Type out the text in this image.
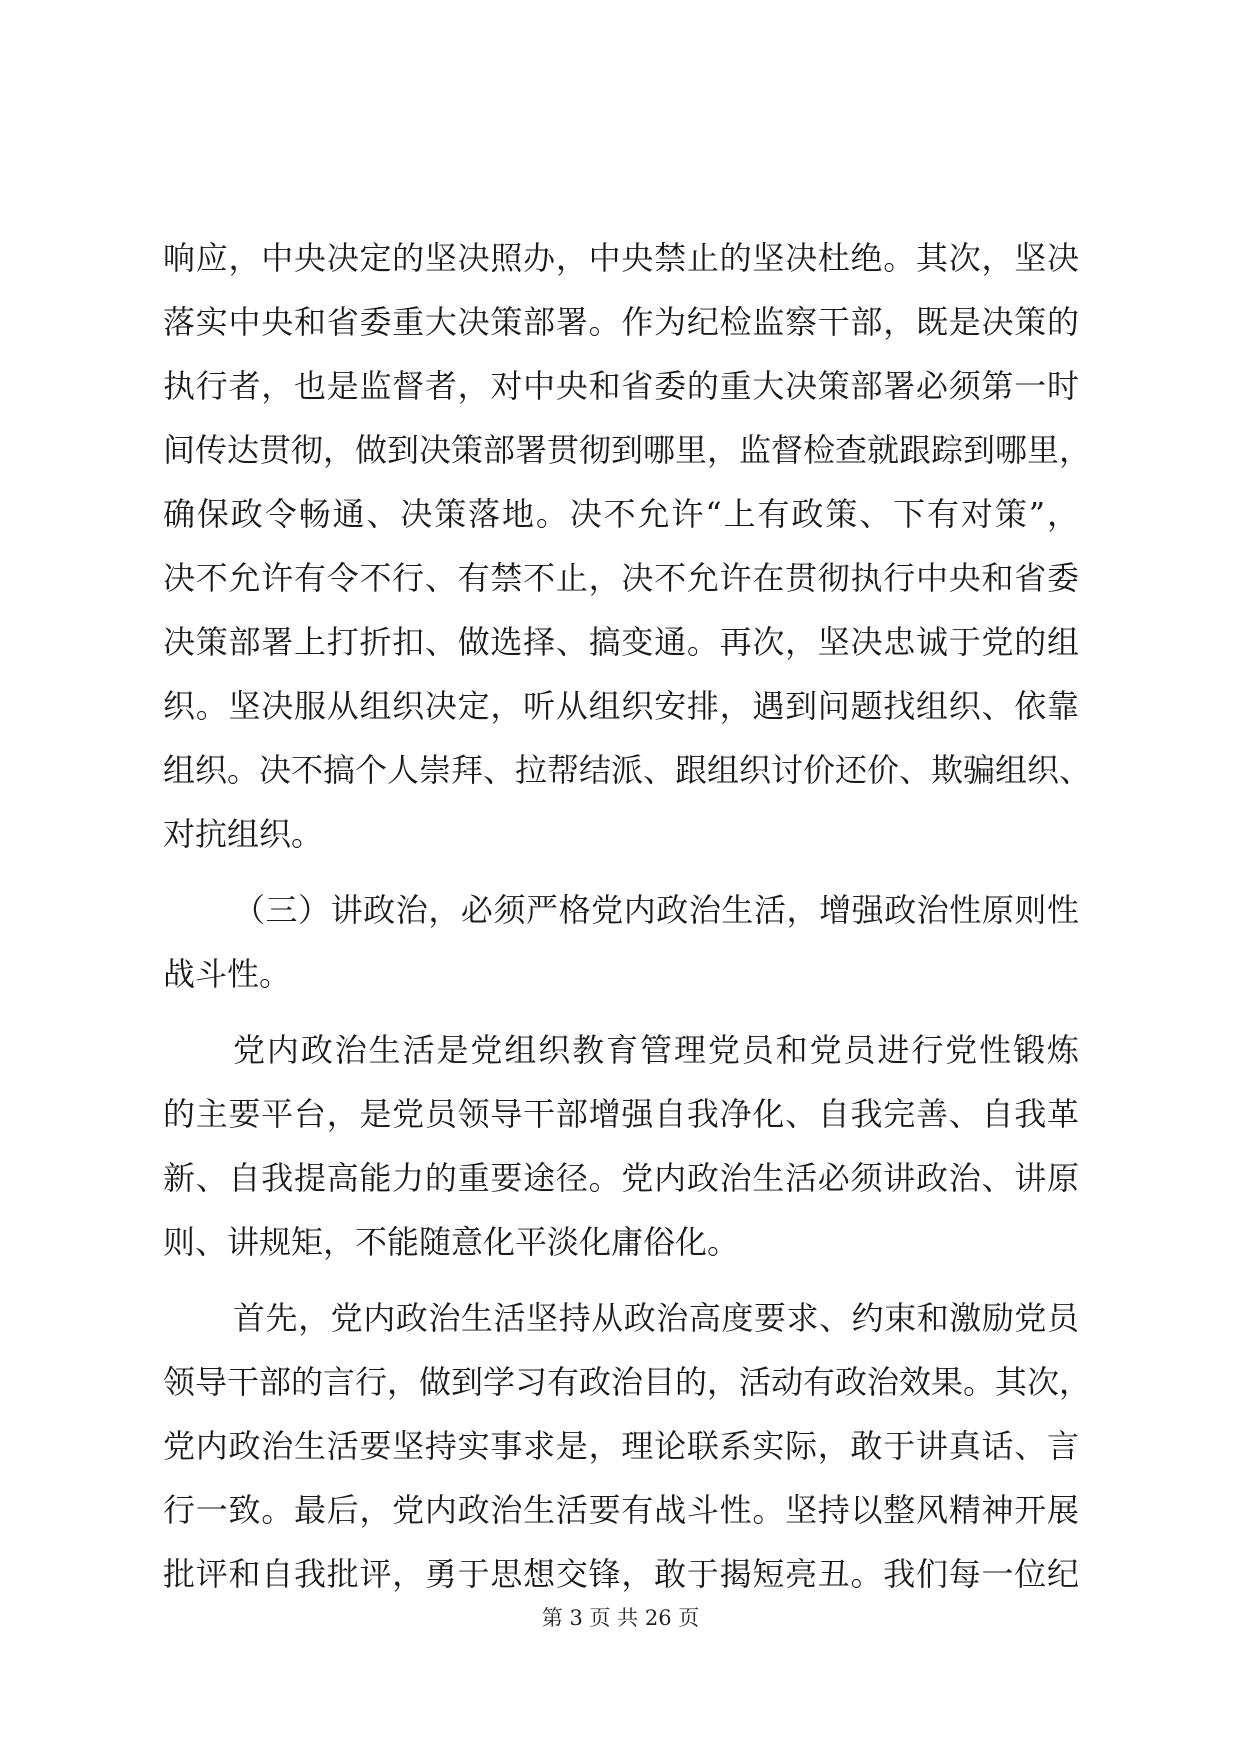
响应，中央决定的坚决照办，中央禁止的坚决杜绝。其次，坚决
落实中央和省委重大决策部署。作为纪检监察干部，既是决策的
执行者，也是监督者，对中央和省委的重大决策部署必须第一时
间传达贯彻，做到决策部署贯彻到哪里，监督检查就跟踪到哪里，
确保政令畅通、决策落地。决不允许“上有政策、下有对策”，
决不允许有令不行、有禁不止，决不允许在贯彻执行中央和省委
决策部署上打折扣、做选择、搞变通。再次，坚决忠诚于党的组
织。坚决服从组织决定，听从组织安排，遇到问题找组织、依靠
组织。决不搞个人崇拜、拉帮结派、跟组织讨价还价、欺骗组织、
对抗组织。
（三）讲政治，必须严格党内政治生活，增强政治性原则性
战斗性。
党内政治生活是党组织教育管理党员和党员进行党性锻炼
的主要平台，是党员领导干部增强自我净化、自我完善、自我革
新、自我提高能力的重要途径。党内政治生活必须讲政治、讲原
则、讲规矩，不能随意化平淡化庸俗化。
首先，党内政治生活坚持从政治高度要求、约束和激励党员
领导干部的言行，做到学习有政治目的，活动有政治效果。其次，
党内政治生活要坚持实事求是，理论联系实际，敢于讲真话、言
行一致。最后，党内政治生活要有战斗性。坚持以整风精神开展
批评和自我批评，勇于思想交锋，敢于揭短亮丑。我们每一位纪
第 3 页 共 26 页
